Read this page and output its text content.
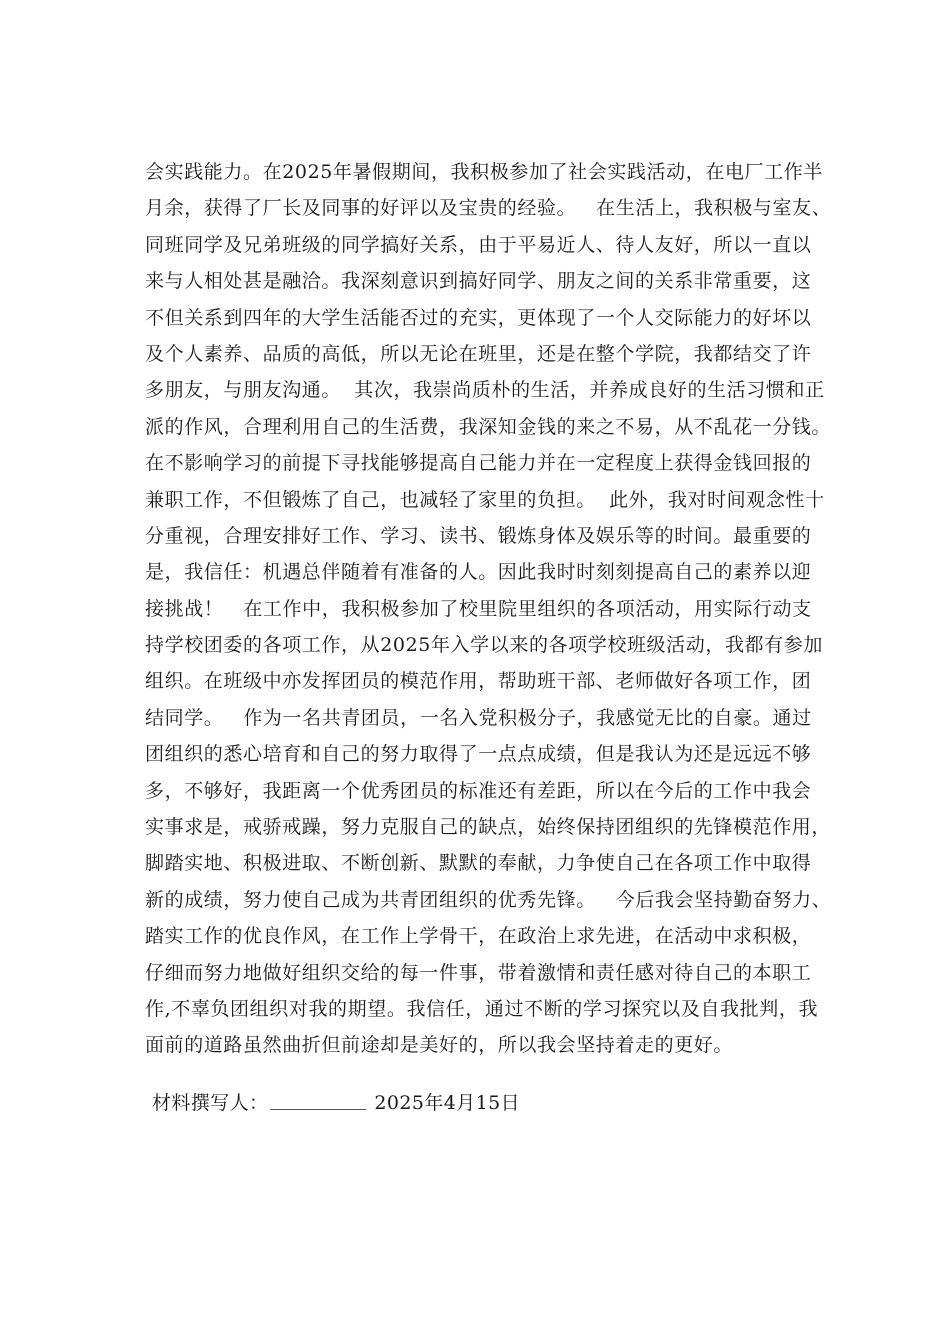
会实践能力。在2025年暑假期间，我积极参加了社会实践活动，在电厂工作半
月余，获得了厂长及同事的好评以及宝贵的经验。   在生活上，我积极与室友、
同班同学及兄弟班级的同学搞好关系，由于平易近人、待人友好，所以一直以
来与人相处甚是融洽。我深刻意识到搞好同学、朋友之间的关系非常重要，这
不但关系到四年的大学生活能否过的充实，更体现了一个人交际能力的好坏以
及个人素养、品质的高低，所以无论在班里，还是在整个学院，我都结交了许
多朋友，与朋友沟通。  其次，我崇尚质朴的生活，并养成良好的生活习惯和正
派的作风，合理利用自己的生活费，我深知金钱的来之不易，从不乱花一分钱。
在不影响学习的前提下寻找能够提高自己能力并在一定程度上获得金钱回报的
兼职工作，不但锻炼了自己，也减轻了家里的负担。  此外，我对时间观念性十
分重视，合理安排好工作、学习、读书、锻炼身体及娱乐等的时间。最重要的
是，我信任：机遇总伴随着有准备的人。因此我时时刻刻提高自己的素养以迎
接挑战！   在工作中，我积极参加了校里院里组织的各项活动，用实际行动支
持学校团委的各项工作，从2025年入学以来的各项学校班级活动，我都有参加
组织。在班级中亦发挥团员的模范作用，帮助班干部、老师做好各项工作，团
结同学。   作为一名共青团员，一名入党积极分子，我感觉无比的自豪。通过
团组织的悉心培育和自己的努力取得了一点点成绩，但是我认为还是远远不够
多，不够好，我距离一个优秀团员的标准还有差距，所以在今后的工作中我会
实事求是，戒骄戒躁，努力克服自己的缺点，始终保持团组织的先锋模范作用，
脚踏实地、积极进取、不断创新、默默的奉献，力争使自己在各项工作中取得
新的成绩，努力使自己成为共青团组织的优秀先锋。   今后我会坚持勤奋努力、
踏实工作的优良作风，在工作上学骨干，在政治上求先进，在活动中求积极，
仔细而努力地做好组织交给的每一件事，带着激情和责任感对待自己的本职工
作,不辜负团组织对我的期望。我信任，通过不断的学习探究以及自我批判，我
面前的道路虽然曲折但前途却是美好的，所以我会坚持着走的更好。
材料撰写人：	2025年4月15日
